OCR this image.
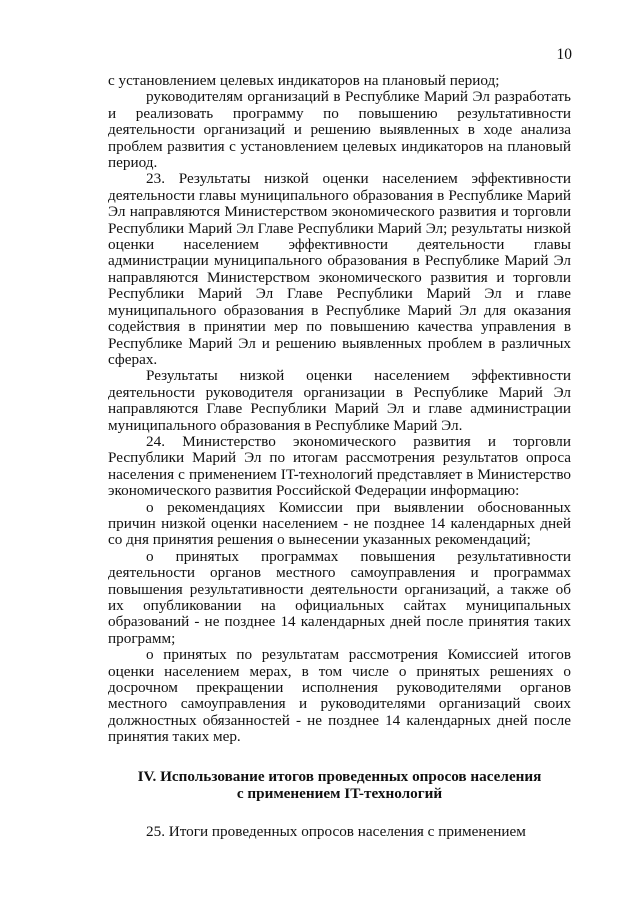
10

с установлением целевых индикаторов на плановый период;

руководителям организаций в Республике Марий Эл разработать и реализовать программу по повышению результативности деятельности организаций и решению выявленных в ходе анализа проблем развития с установлением целевых индикаторов на плановый период.

23. Результаты низкой оценки населением эффективности деятельности главы муниципального образования в Республике Марий Эл направляются Министерством экономического развития и торговли Республики Марий Эл Главе Республики Марий Эл; результаты низкой оценки населением эффективности деятельности главы администрации муниципального образования в Республике Марий Эл направляются Министерством экономического развития и торговли Республики Марий Эл Главе Республики Марий Эл и главе муниципального образования в Республике Марий Эл для оказания содействия в принятии мер по повышению качества управления в Республике Марий Эл и решению выявленных проблем в различных сферах.

Результаты низкой оценки населением эффективности деятельности руководителя организации в Республике Марий Эл направляются Главе Республики Марий Эл и главе администрации муниципального образования в Республике Марий Эл.

24. Министерство экономического развития и торговли Республики Марий Эл по итогам рассмотрения результатов опроса населения с применением IT-технологий представляет в Министерство экономического развития Российской Федерации информацию:

о рекомендациях Комиссии при выявлении обоснованных причин низкой оценки населением - не позднее 14 календарных дней со дня принятия решения о вынесении указанных рекомендаций;

о принятых программах повышения результативности деятельности органов местного самоуправления и программах повышения результативности деятельности организаций, а также об их опубликовании на официальных сайтах муниципальных образований - не позднее 14 календарных дней после принятия таких программ;

о принятых по результатам рассмотрения Комиссией итогов оценки населением мерах, в том числе о принятых решениях о досрочном прекращении исполнения руководителями органов местного самоуправления и руководителями организаций своих должностных обязанностей - не позднее 14 календарных дней после принятия таких мер.

IV. Использование итогов проведенных опросов населения
с применением IT-технологий

25. Итоги проведенных опросов населения с применением
